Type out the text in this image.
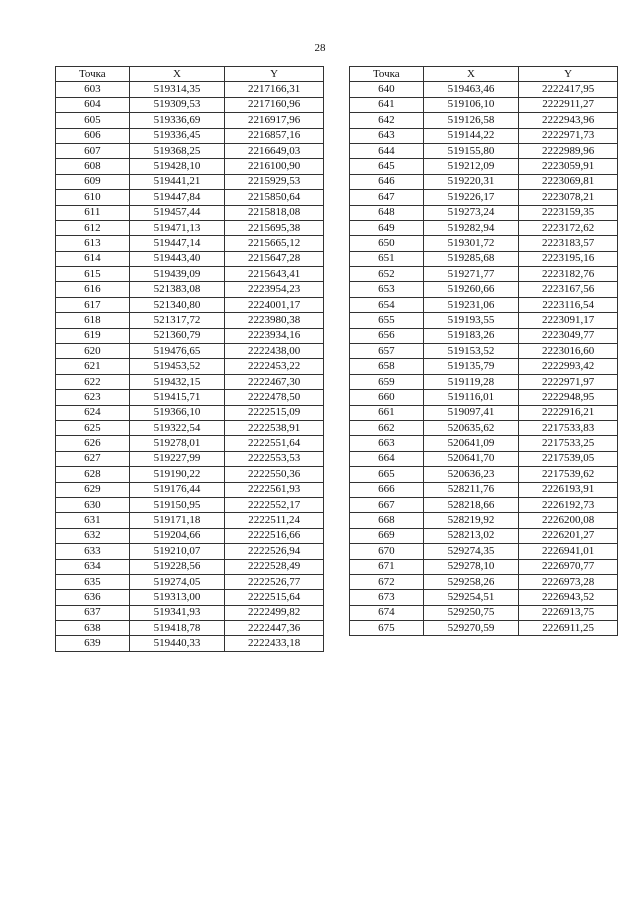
28
Точка	X	Y
603	519314,35	2217166,31
604	519309,53	2217160,96
605	519336,69	2216917,96
606	519336,45	2216857,16
607	519368,25	2216649,03
608	519428,10	2216100,90
609	519441,21	2215929,53
610	519447,84	2215850,64
611	519457,44	2215818,08
612	519471,13	2215695,38
613	519447,14	2215665,12
614	519443,40	2215647,28
615	519439,09	2215643,41
616	521383,08	2223954,23
617	521340,80	2224001,17
618	521317,72	2223980,38
619	521360,79	2223934,16
620	519476,65	2222438,00
621	519453,52	2222453,22
622	519432,15	2222467,30
623	519415,71	2222478,50
624	519366,10	2222515,09
625	519322,54	2222538,91
626	519278,01	2222551,64
627	519227,99	2222553,53
628	519190,22	2222550,36
629	519176,44	2222561,93
630	519150,95	2222552,17
631	519171,18	2222511,24
632	519204,66	2222516,66
633	519210,07	2222526,94
634	519228,56	2222528,49
635	519274,05	2222526,77
636	519313,00	2222515,64
637	519341,93	2222499,82
638	519418,78	2222447,36
639	519440,33	2222433,18
Точка	X	Y
640	519463,46	2222417,95
641	519106,10	2222911,27
642	519126,58	2222943,96
643	519144,22	2222971,73
644	519155,80	2222989,96
645	519212,09	2223059,91
646	519220,31	2223069,81
647	519226,17	2223078,21
648	519273,24	2223159,35
649	519282,94	2223172,62
650	519301,72	2223183,57
651	519285,68	2223195,16
652	519271,77	2223182,76
653	519260,66	2223167,56
654	519231,06	2223116,54
655	519193,55	2223091,17
656	519183,26	2223049,77
657	519153,52	2223016,60
658	519135,79	2222993,42
659	519119,28	2222971,97
660	519116,01	2222948,95
661	519097,41	2222916,21
662	520635,62	2217533,83
663	520641,09	2217533,25
664	520641,70	2217539,05
665	520636,23	2217539,62
666	528211,76	2226193,91
667	528218,66	2226192,73
668	528219,92	2226200,08
669	528213,02	2226201,27
670	529274,35	2226941,01
671	529278,10	2226970,77
672	529258,26	2226973,28
673	529254,51	2226943,52
674	529250,75	2226913,75
675	529270,59	2226911,25
